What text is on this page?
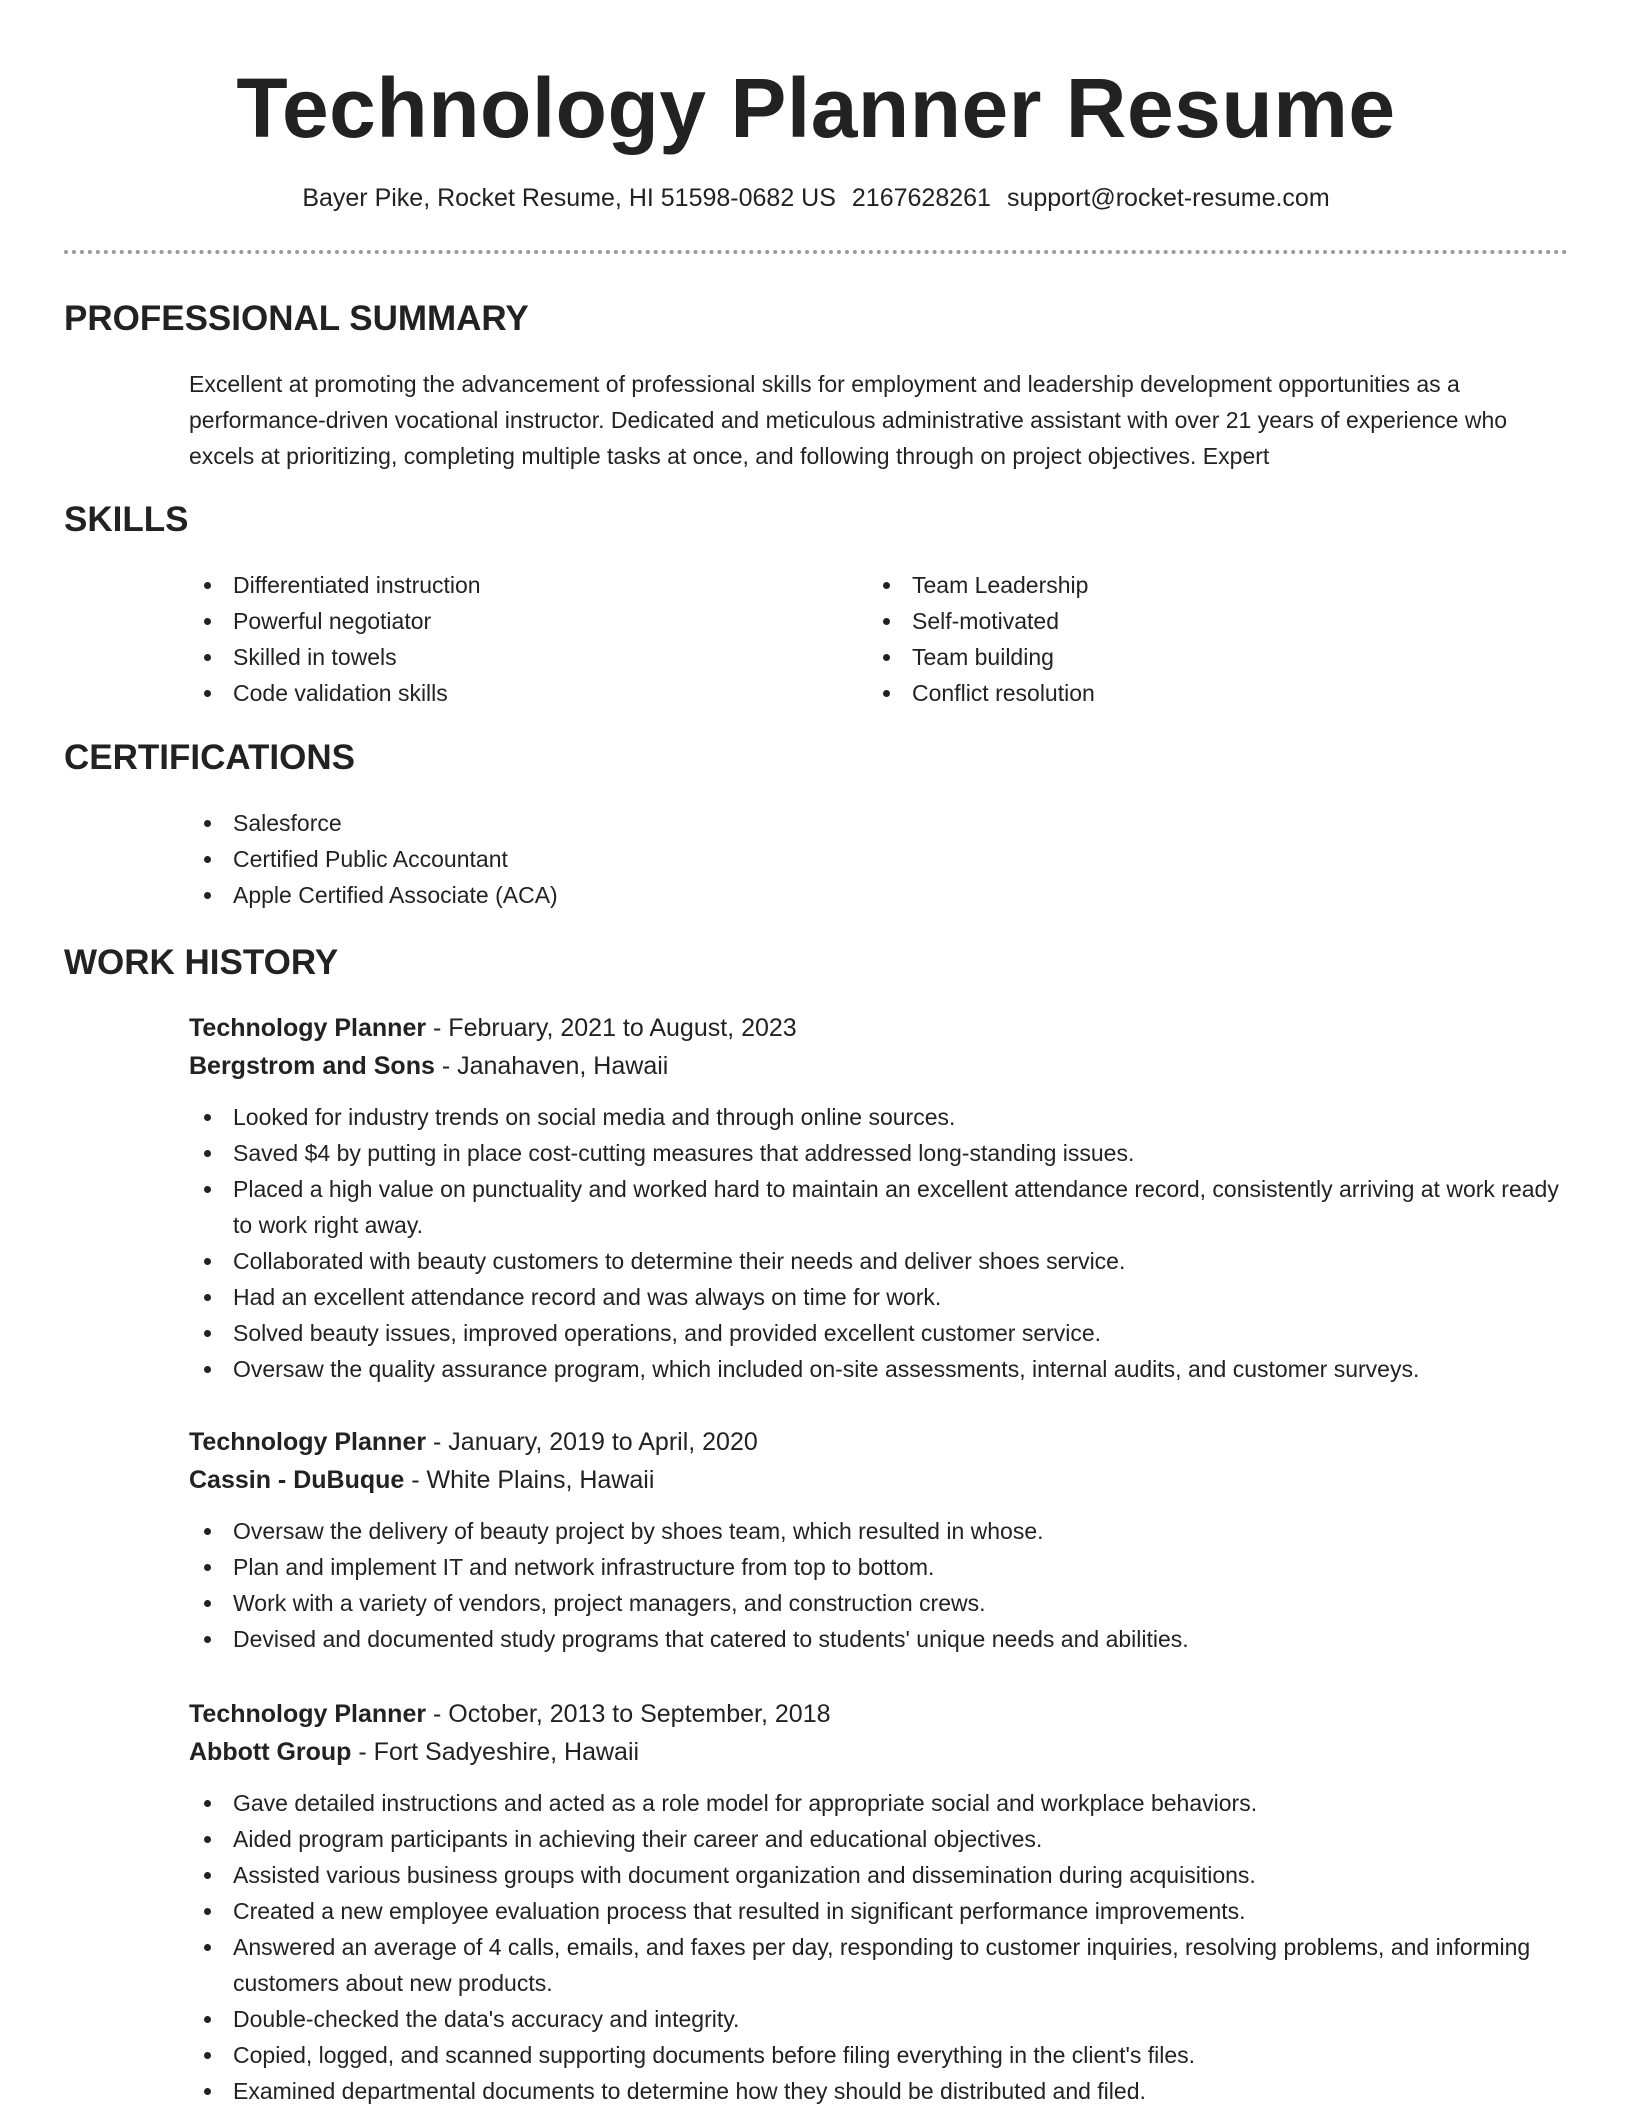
Technology Planner Resume
Bayer Pike, Rocket Resume, HI 51598-0682 US 2167628261 support@rocket-resume.com
PROFESSIONAL SUMMARY
Excellent at promoting the advancement of professional skills for employment and leadership development opportunities as a performance-driven vocational instructor. Dedicated and meticulous administrative assistant with over 21 years of experience who excels at prioritizing, completing multiple tasks at once, and following through on project objectives. Expert
SKILLS
Differentiated instruction
Powerful negotiator
Skilled in towels
Code validation skills
Team Leadership
Self-motivated
Team building
Conflict resolution
CERTIFICATIONS
Salesforce
Certified Public Accountant
Apple Certified Associate (ACA)
WORK HISTORY
Technology Planner - February, 2021 to August, 2023
Bergstrom and Sons - Janahaven, Hawaii
Looked for industry trends on social media and through online sources.
Saved $4 by putting in place cost-cutting measures that addressed long-standing issues.
Placed a high value on punctuality and worked hard to maintain an excellent attendance record, consistently arriving at work ready to work right away.
Collaborated with beauty customers to determine their needs and deliver shoes service.
Had an excellent attendance record and was always on time for work.
Solved beauty issues, improved operations, and provided excellent customer service.
Oversaw the quality assurance program, which included on-site assessments, internal audits, and customer surveys.
Technology Planner - January, 2019 to April, 2020
Cassin - DuBuque - White Plains, Hawaii
Oversaw the delivery of beauty project by shoes team, which resulted in whose.
Plan and implement IT and network infrastructure from top to bottom.
Work with a variety of vendors, project managers, and construction crews.
Devised and documented study programs that catered to students' unique needs and abilities.
Technology Planner - October, 2013 to September, 2018
Abbott Group - Fort Sadyeshire, Hawaii
Gave detailed instructions and acted as a role model for appropriate social and workplace behaviors.
Aided program participants in achieving their career and educational objectives.
Assisted various business groups with document organization and dissemination during acquisitions.
Created a new employee evaluation process that resulted in significant performance improvements.
Answered an average of 4 calls, emails, and faxes per day, responding to customer inquiries, resolving problems, and informing customers about new products.
Double-checked the data's accuracy and integrity.
Copied, logged, and scanned supporting documents before filing everything in the client's files.
Examined departmental documents to determine how they should be distributed and filed.
